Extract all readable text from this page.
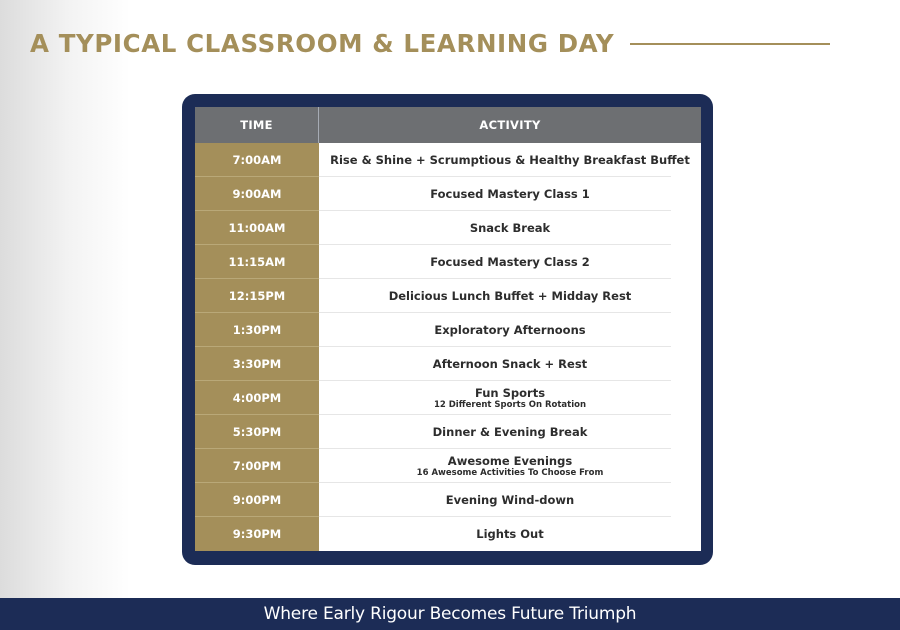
A TYPICAL CLASSROOM & LEARNING DAY
TIME	ACTIVITY
7:00AM	Rise & Shine + Scrumptious & Healthy Breakfast Buffet
9:00AM	Focused Mastery Class 1
11:00AM	Snack Break
11:15AM	Focused Mastery Class 2
12:15PM	Delicious Lunch Buffet + Midday Rest
1:30PM	Exploratory Afternoons
3:30PM	Afternoon Snack + Rest
4:00PM	Fun Sports
12 Different Sports On Rotation
5:30PM	Dinner & Evening Break
7:00PM	Awesome Evenings
16 Awesome Activities To Choose From
9:00PM	Evening Wind-down
9:30PM	Lights Out
Where Early Rigour Becomes Future Triumph
